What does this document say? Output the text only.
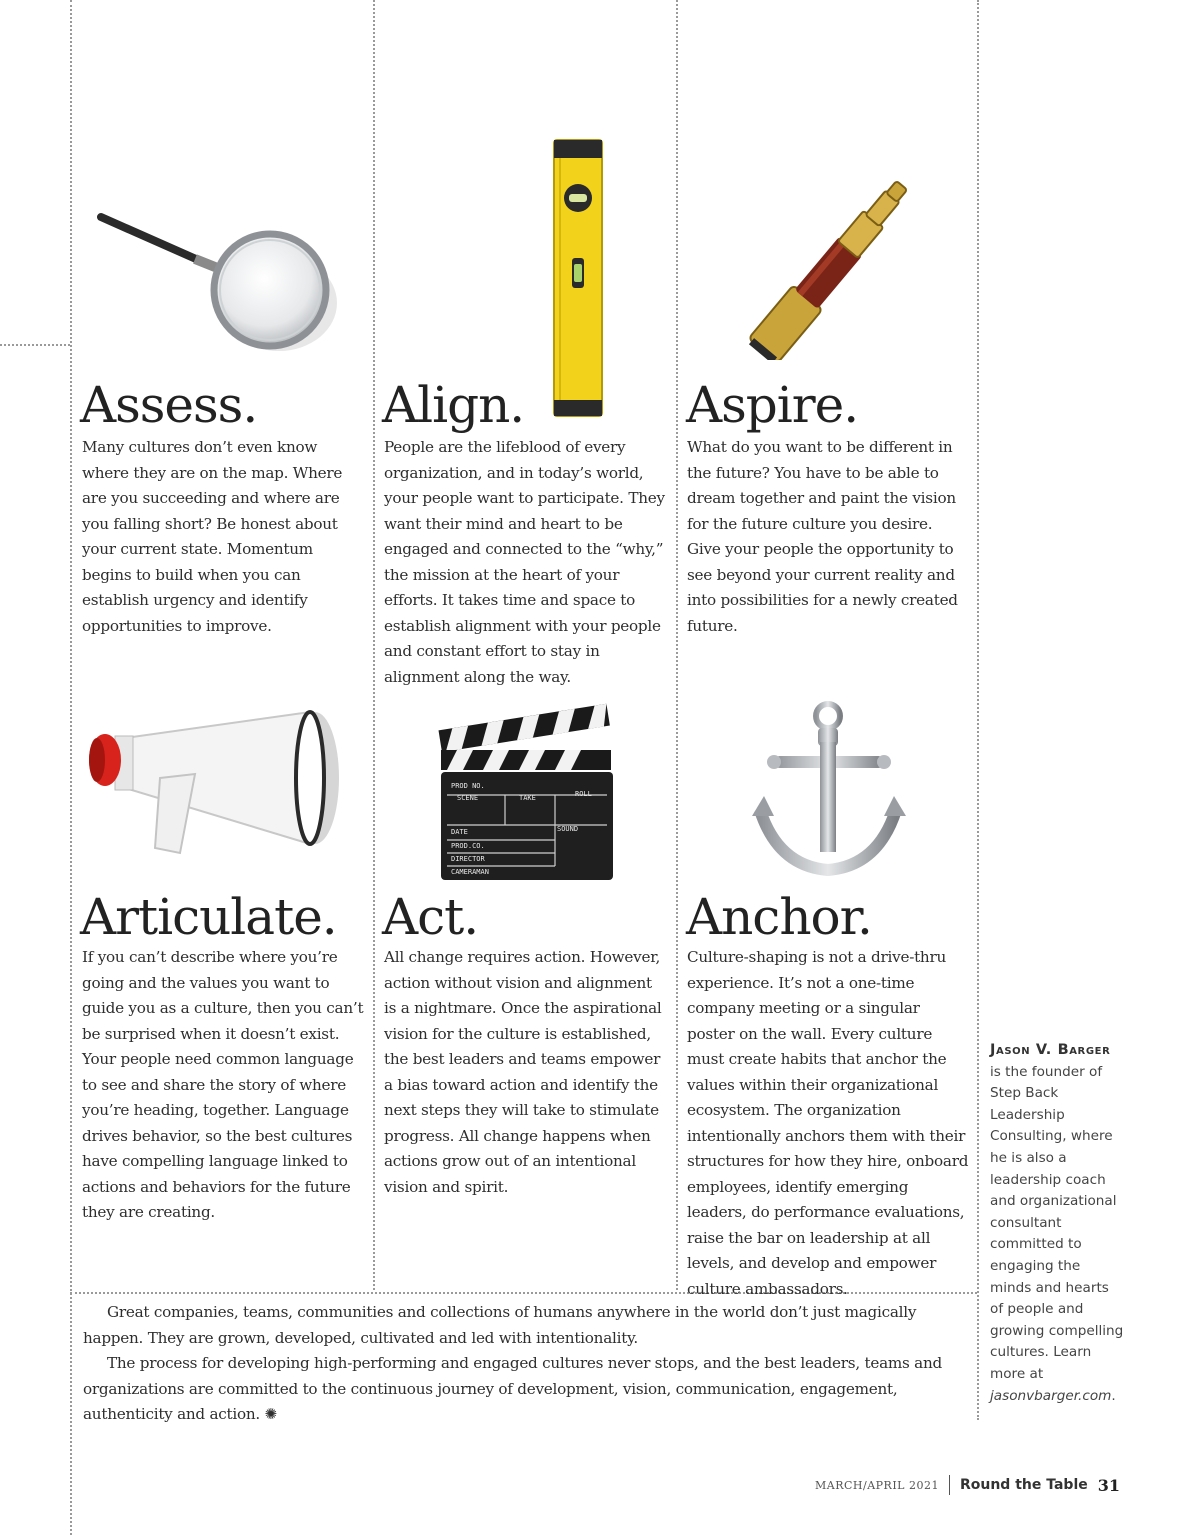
Assess.

Many cultures don’t even know where they are on the map. Where are you succeeding and where are you falling short? Be honest about your current state. Momentum begins to build when you can establish urgency and identify opportunities to improve.

Align.

People are the lifeblood of every organization, and in today’s world, your people want to participate. They want their mind and heart to be engaged and connected to the “why,” the mission at the heart of your efforts. It takes time and space to establish alignment with your people and constant effort to stay in alignment along the way.

Aspire.

What do you want to be different in the future? You have to be able to dream together and paint the vision for the future culture you desire. Give your people the opportunity to see beyond your current reality and into possibilities for a newly created future.

PROD NO.
SCENE	TAKE	ROLL
DATE	SOUND
PROD.CO.
DIRECTOR
CAMERAMAN
Articulate.

If you can’t describe where you’re going and the values you want to guide you as a culture, then you can’t be surprised when it doesn’t exist. Your people need common language to see and share the story of where you’re heading, together. Language drives behavior, so the best cultures have compelling language linked to actions and behaviors for the future they are creating.

Act.

All change requires action. However, action without vision and alignment is a nightmare. Once the aspirational vision for the culture is established, the best leaders and teams empower a bias toward action and identify the next steps they will take to stimulate progress. All change happens when actions grow out of an intentional vision and spirit.

Anchor.

Culture-shaping is not a drive-thru experience. It’s not a one-time company meeting or a singular poster on the wall. Every culture must create habits that anchor the values within their organizational ecosystem. The organization intentionally anchors them with their structures for how they hire, onboard employees, identify emerging leaders, do performance evaluations, raise the bar on leadership at all levels, and develop and empower culture ambassadors.

Great companies, teams, communities and collections of humans anywhere in the world don’t just magically happen. They are grown, developed, cultivated and led with intentionality.

The process for developing high-performing and engaged cultures never stops, and the best leaders, teams and organizations are committed to the continuous journey of development, vision, communication, engagement, authenticity and action. ✺

Jason V. Barger
is the founder of Step Back Leadership Consulting, where he is also a leadership coach and organizational consultant committed to engaging the minds and hearts of people and growing compelling cultures. Learn more at jasonvbarger.com.
MARCH/APRIL 2021 Round the Table 31
